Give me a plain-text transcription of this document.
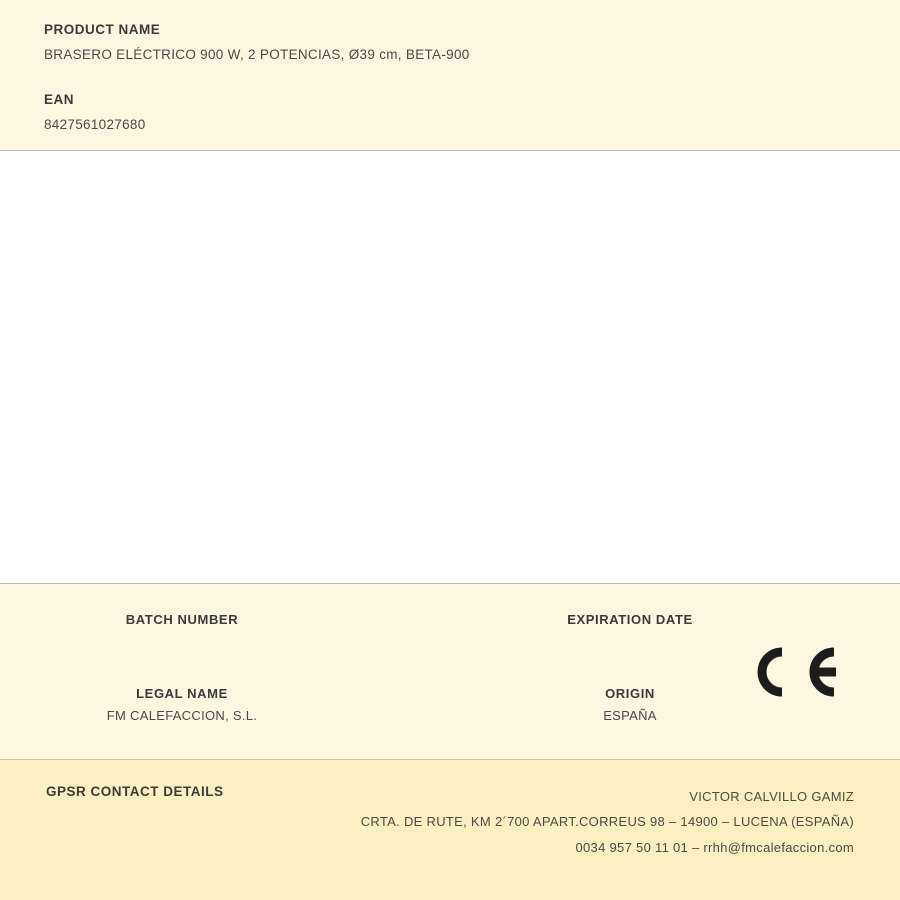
PRODUCT NAME

BRASERO ELÉCTRICO 900 W, 2 POTENCIAS, Ø39 cm, BETA-900

EAN

8427561027680

BATCH NUMBER	EXPIRATION DATE

LEGAL NAME

FM CALEFACCION, S.L.

ORIGIN

ESPAÑA

GPSR CONTACT DETAILS	VICTOR CALVILLO GAMIZ
CRTA. DE RUTE, KM 2´700 APART.CORREUS 98 – 14900 – LUCENA (ESPAÑA)
0034 957 50 11 01 – rrhh@fmcalefaccion.com
